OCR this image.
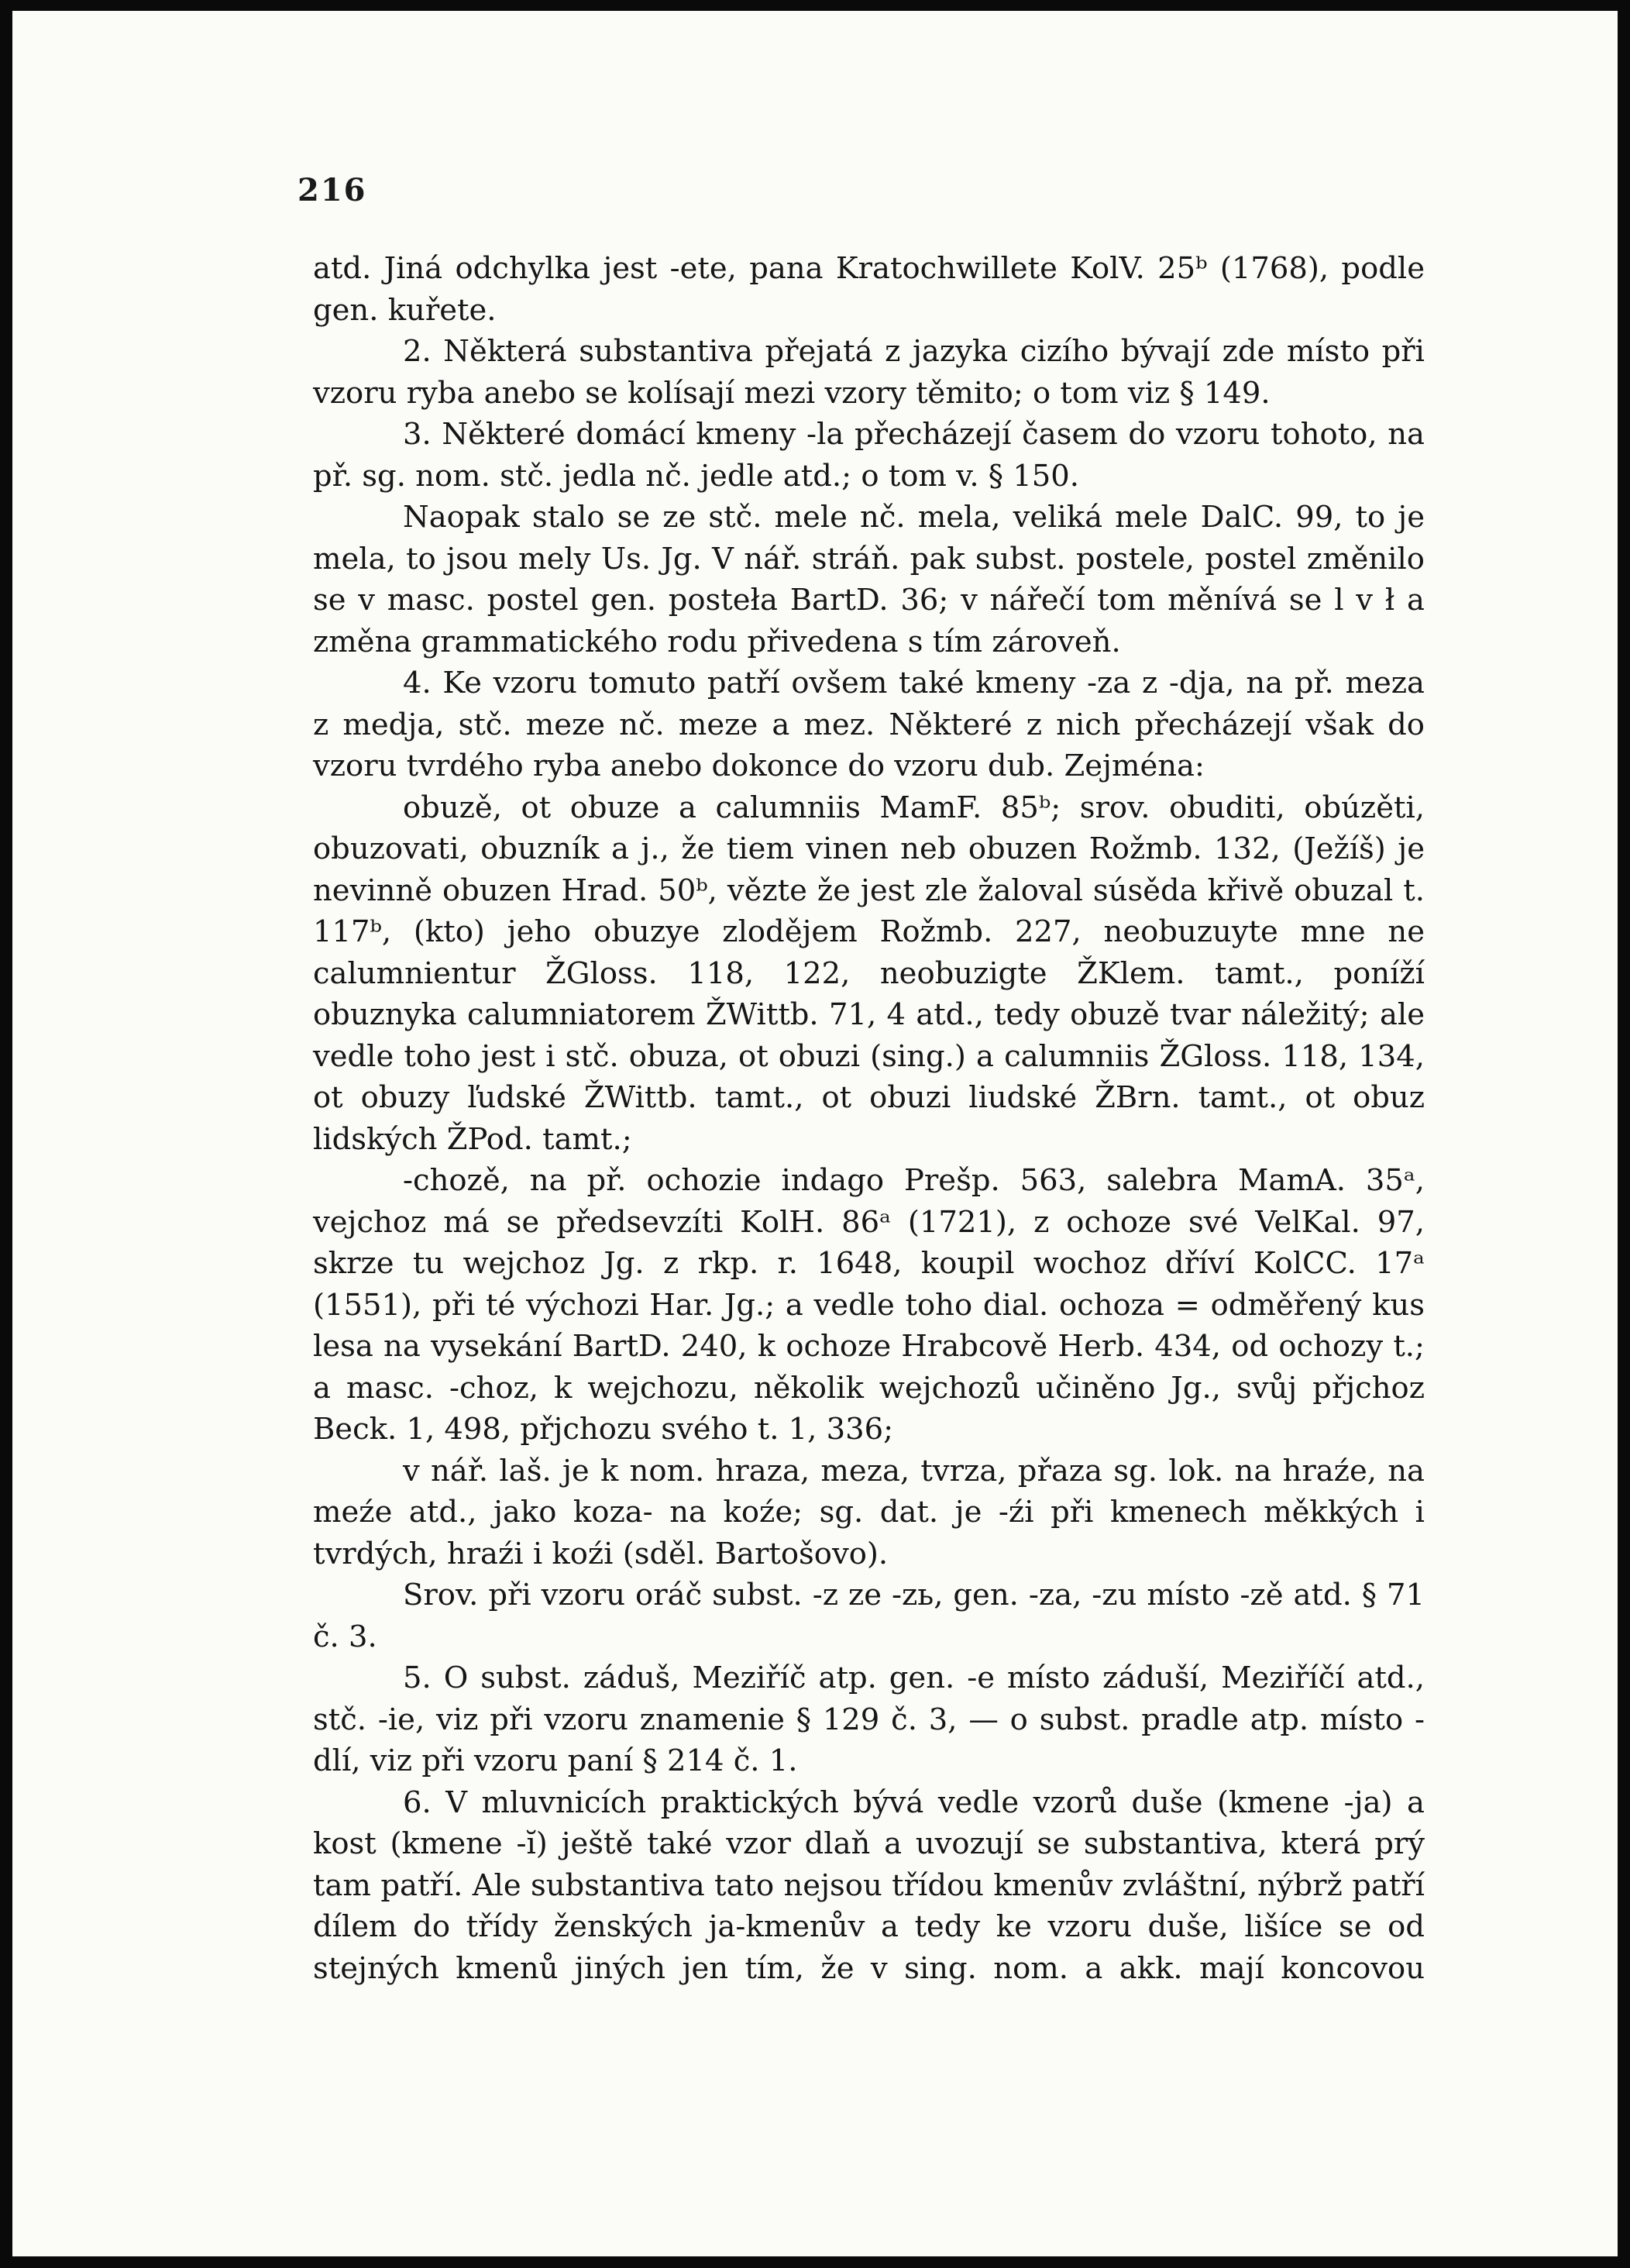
216

atd. Jiná odchylka jest -ete, pana Kratochwillete KolV. 25ᵇ (1768), podle gen. kuřete.

2. Některá substantiva přejatá z jazyka cizího bývají zde místo při vzoru ryba anebo se kolísají mezi vzory těmito; o tom viz § 149.

3. Některé domácí kmeny -la přecházejí časem do vzoru tohoto, na př. sg. nom. stč. jedla nč. jedle atd.; o tom v. § 150.

Naopak stalo se ze stč. mele nč. mela, veliká mele DalC. 99, to je mela, to jsou mely Us. Jg. V nář. stráň. pak subst. postele, postel změnilo se v masc. postel gen. posteła BartD. 36; v nářečí tom měnívá se l v ł a změna grammatického rodu přivedena s tím zároveň.

4. Ke vzoru tomuto patří ovšem také kmeny -za z -dja, na př. meza z medja, stč. meze nč. meze a mez. Některé z nich přecházejí však do vzoru tvrdého ryba anebo dokonce do vzoru dub. Zejména:

obuzě, ot obuze a calumniis MamF. 85ᵇ; srov. obuditi, obúzěti, obuzovati, obuzník a j., že tiem vinen neb obuzen Rožmb. 132, (Ježíš) je nevinně obuzen Hrad. 50ᵇ, vězte že jest zle žaloval súsěda křivě obuzal t. 117ᵇ, (kto) jeho obuzye zlodějem Rožmb. 227, neobuzuyte mne ne calumnientur ŽGloss. 118, 122, neobuzigte ŽKlem. tamt., poníží obuznyka calumniatorem ŽWittb. 71, 4 atd., tedy obuzě tvar náležitý; ale vedle toho jest i stč. obuza, ot obuzi (sing.) a calumniis ŽGloss. 118, 134, ot obuzy ľudské ŽWittb. tamt., ot obuzi liudské ŽBrn. tamt., ot obuz lidských ŽPod. tamt.;

-chozě, na př. ochozie indago Prešp. 563, salebra MamA. 35ᵃ, vejchoz má se předsevzíti KolH. 86ᵃ (1721), z ochoze své VelKal. 97, skrze tu wejchoz Jg. z rkp. r. 1648, koupil wochoz dříví KolCC. 17ᵃ (1551), při té výchozi Har. Jg.; a vedle toho dial. ochoza = odměřený kus lesa na vysekání BartD. 240, k ochoze Hrabcově Herb. 434, od ochozy t.; a masc. -choz, k wejchozu, několik wejchozů učiněno Jg., svůj přjchoz Beck. 1, 498, přjchozu svého t. 1, 336;

v nář. laš. je k nom. hraza, meza, tvrza, přaza sg. lok. na hraźe, na meźe atd., jako koza- na koźe; sg. dat. je -źi při kmenech měkkých i tvrdých, hraźi i koźi (sděl. Bartošovo).

Srov. při vzoru oráč subst. -z ze -zь, gen. -za, -zu místo -zě atd. § 71 č. 3.

5. O subst. záduš, Meziříč atp. gen. -e místo záduší, Meziříčí atd., stč. -ie, viz při vzoru znamenie § 129 č. 3, — o subst. pradle atp. místo -dlí, viz při vzoru paní § 214 č. 1.

6. V mluvnicích praktických bývá vedle vzorů duše (kmene -ja) a kost (kmene -ĭ) ještě také vzor dlaň a uvozují se substantiva, která prý tam patří. Ale substantiva tato nejsou třídou kmenův zvláštní, nýbrž patří dílem do třídy ženských ja-kmenův a tedy ke vzoru duše, lišíce se od stejných kmenů jiných jen tím, že v sing. nom. a akk. mají koncovou
